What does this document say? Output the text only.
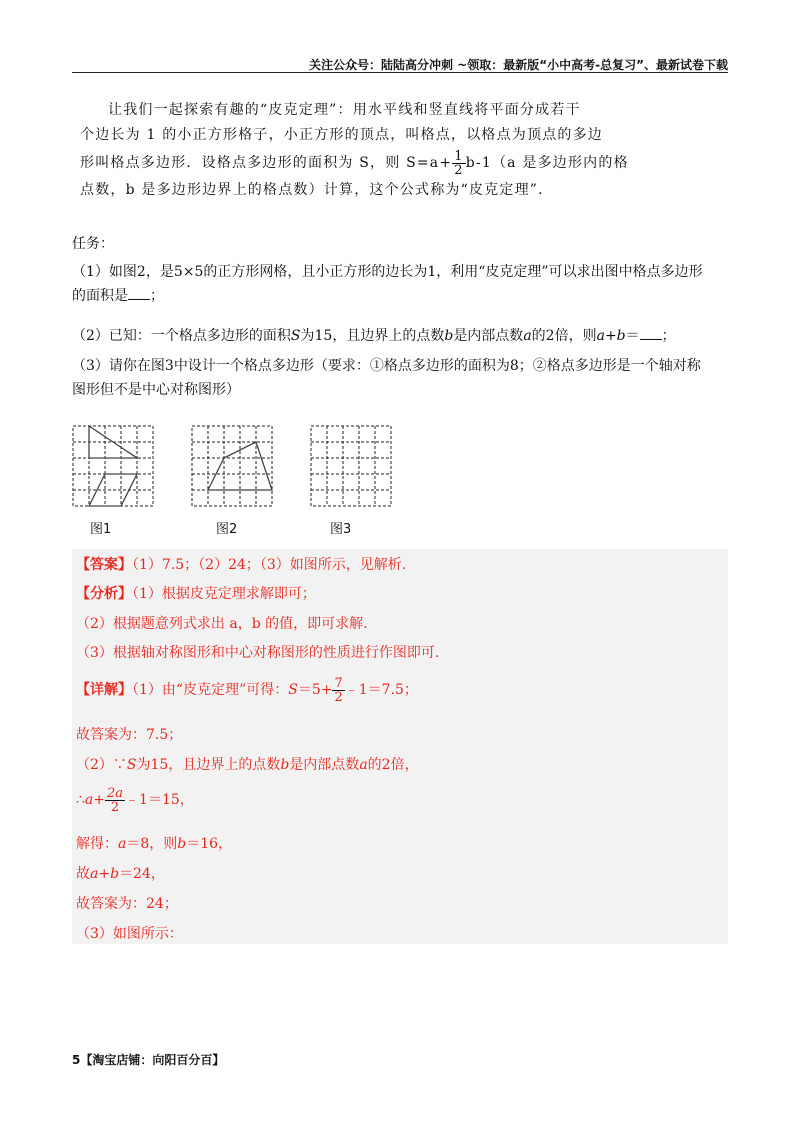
关注公众号：陆陆高分冲刺 ~领取：最新版“小中高考-总复习”、最新试卷下载
让我们一起探索有趣的“皮克定理”：用水平线和竖直线将平面分成若干
个边长为 1 的小正方形格子，小正方形的顶点，叫格点，以格点为顶点的多边
形叫格点多边形．设格点多边形的面积为 S，则 $S=a+ \frac{1}{2} b-1(a$ 是多边形内的格
点数，b 是多边形边界上的格点数）计算，这个公式称为“皮克定理”．
任务：
（1）如图2，是5×5的正方形网格，且小正方形的边长为1，利用“皮克定理”可以求出图中格点多边形
的面积是 ；
（2）已知：一个格点多边形的面积S为15，且边界上的点数b是内部点数a的2倍，则a+b＝ ；
（3）请你在图3中设计一个格点多边形（要求：①格点多边形的面积为8；②格点多边形是一个轴对称
图形但不是中心对称图形）
图1	图2	图3
【答案】（1）7.5；（2）24；（3）如图所示，见解析.
【分析】（1）根据皮克定理求解即可；
（2）根据题意列式求出 a，b 的值，即可求解.
（3）根据轴对称图形和中心对称图形的性质进行作图即可.
【详解】（1）由“皮克定理”可得：$S=5+ \frac{7}{2}$ ﹣1＝7.5；
故答案为：7.5；
（2）∵S为15，且边界上的点数b是内部点数a的2倍，
∴a+ $\frac{2a}{2}$ ﹣1＝15，
解得：a＝8，则b＝16，
故a+b＝24，
故答案为：24；
（3）如图所示：
5【淘宝店铺：向阳百分百】
